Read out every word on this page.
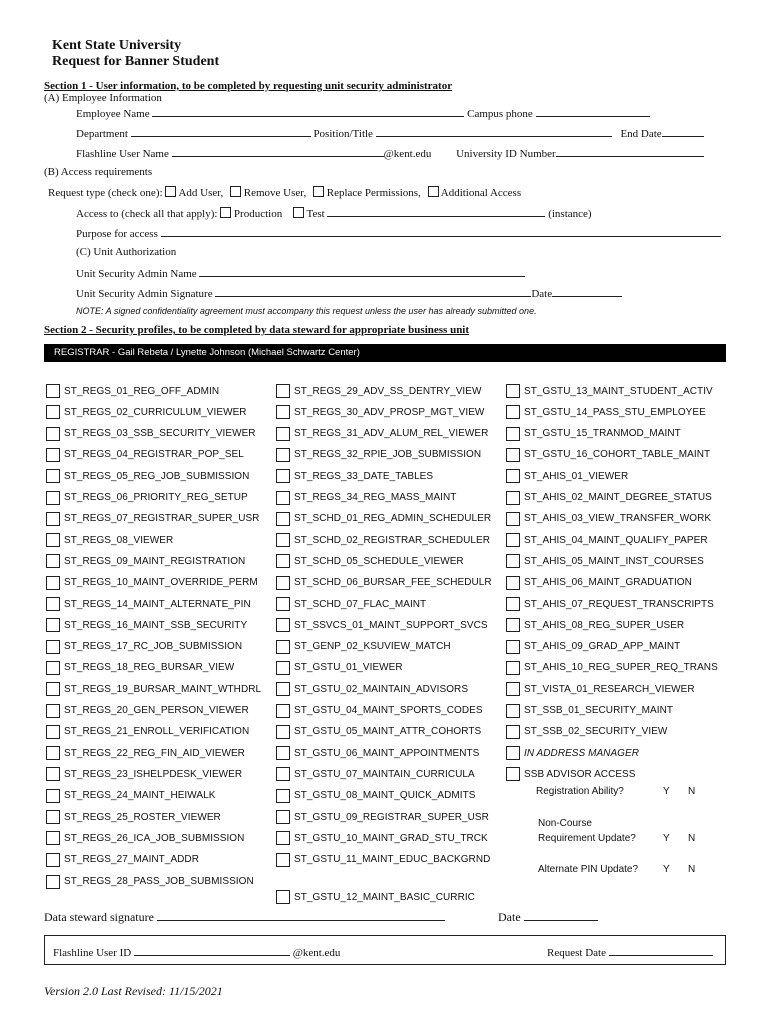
Kent State University
Request for Banner Student
Section 1 - User information, to be completed by requesting unit security administrator
(A) Employee Information
Employee Name	Campus phone
Department	Position/Title	End Date
Flashline User Name	@kent.edu University ID Number
(B) Access requirements
Request type (check one): Add User, Remove User, Replace Permissions, Additional Access
Access to (check all that apply): Production Test	(instance)
Purpose for access
(C) Unit Authorization
Unit Security Admin Name
Unit Security Admin Signature	Date
NOTE: A signed confidentiality agreement must accompany this request unless the user has already submitted one.
Section 2 - Security profiles, to be completed by data steward for appropriate business unit
REGISTRAR - Gail Rebeta / Lynette Johnson (Michael Schwartz Center)
ST_REGS_01_REG_OFF_ADMIN
ST_REGS_02_CURRICULUM_VIEWER
ST_REGS_03_SSB_SECURITY_VIEWER
ST_REGS_04_REGISTRAR_POP_SEL
ST_REGS_05_REG_JOB_SUBMISSION
ST_REGS_06_PRIORITY_REG_SETUP
ST_REGS_07_REGISTRAR_SUPER_USR
ST_REGS_08_VIEWER
ST_REGS_09_MAINT_REGISTRATION
ST_REGS_10_MAINT_OVERRIDE_PERM
ST_REGS_14_MAINT_ALTERNATE_PIN
ST_REGS_16_MAINT_SSB_SECURITY
ST_REGS_17_RC_JOB_SUBMISSION
ST_REGS_18_REG_BURSAR_VIEW
ST_REGS_19_BURSAR_MAINT_WTHDRL
ST_REGS_20_GEN_PERSON_VIEWER
ST_REGS_21_ENROLL_VERIFICATION
ST_REGS_22_REG_FIN_AID_VIEWER
ST_REGS_23_ISHELPDESK_VIEWER
ST_REGS_24_MAINT_HEIWALK
ST_REGS_25_ROSTER_VIEWER
ST_REGS_26_ICA_JOB_SUBMISSION
ST_REGS_27_MAINT_ADDR
ST_REGS_28_PASS_JOB_SUBMISSION
ST_REGS_29_ADV_SS_DENTRY_VIEW
ST_REGS_30_ADV_PROSP_MGT_VIEW
ST_REGS_31_ADV_ALUM_REL_VIEWER
ST_REGS_32_RPIE_JOB_SUBMISSION
ST_REGS_33_DATE_TABLES
ST_REGS_34_REG_MASS_MAINT
ST_SCHD_01_REG_ADMIN_SCHEDULER
ST_SCHD_02_REGISTRAR_SCHEDULER
ST_SCHD_05_SCHEDULE_VIEWER
ST_SCHD_06_BURSAR_FEE_SCHEDULR
ST_SCHD_07_FLAC_MAINT
ST_SSVCS_01_MAINT_SUPPORT_SVCS
ST_GENP_02_KSUVIEW_MATCH
ST_GSTU_01_VIEWER
ST_GSTU_02_MAINTAIN_ADVISORS
ST_GSTU_04_MAINT_SPORTS_CODES
ST_GSTU_05_MAINT_ATTR_COHORTS
ST_GSTU_06_MAINT_APPOINTMENTS
ST_GSTU_07_MAINTAIN_CURRICULA
ST_GSTU_08_MAINT_QUICK_ADMITS
ST_GSTU_09_REGISTRAR_SUPER_USR
ST_GSTU_10_MAINT_GRAD_STU_TRCK
ST_GSTU_11_MAINT_EDUC_BACKGRND
ST_GSTU_12_MAINT_BASIC_CURRIC
ST_GSTU_13_MAINT_STUDENT_ACTIV
ST_GSTU_14_PASS_STU_EMPLOYEE
ST_GSTU_15_TRANMOD_MAINT
ST_GSTU_16_COHORT_TABLE_MAINT
ST_AHIS_01_VIEWER
ST_AHIS_02_MAINT_DEGREE_STATUS
ST_AHIS_03_VIEW_TRANSFER_WORK
ST_AHIS_04_MAINT_QUALIFY_PAPER
ST_AHIS_05_MAINT_INST_COURSES
ST_AHIS_06_MAINT_GRADUATION
ST_AHIS_07_REQUEST_TRANSCRIPTS
ST_AHIS_08_REG_SUPER_USER
ST_AHIS_09_GRAD_APP_MAINT
ST_AHIS_10_REG_SUPER_REQ_TRANS
ST_VISTA_01_RESEARCH_VIEWER
ST_SSB_01_SECURITY_MAINT
ST_SSB_02_SECURITY_VIEW
IN ADDRESS MANAGER
SSB ADVISOR ACCESS
Registration Ability?	Y N
Non-Course
Requirement Update?	Y N
Alternate PIN Update? Y N
Data steward signature	Date
Flashline User ID	@kent.edu	Request Date
Version 2.0 Last Revised: 11/15/2021
